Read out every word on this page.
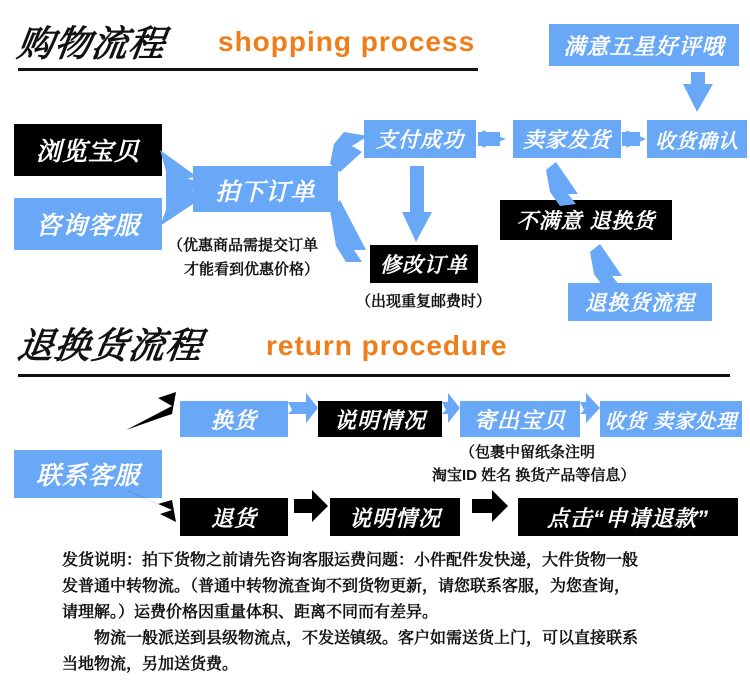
购物流程 shopping process	满意五星好评哦
浏览宝贝
咨询客服
拍下订单
支付成功	卖家发货	收货确认
不满意 退换货
修改订单
退换货流程
（优惠商品需提交订单
才能看到优惠价格）
（出现重复邮费时）
退换货流程 return procedure
换货	说明情况	寄出宝贝	收货 卖家处理
联系客服
退货	说明情况	点击“申请退款”
（包裹中留纸条注明
淘宝ID 姓名 换货产品等信息）

发货说明：拍下货物之前请先咨询客服运费问题：小件配件发快递，大件货物一般

发普通中转物流。（普通中转物流查询不到货物更新，请您联系客服，为您查询，

请理解。）运费价格因重量体积、距离不同而有差异。

物流一般派送到县级物流点，不发送镇级。客户如需送货上门，可以直接联系

当地物流，另加送货费。
